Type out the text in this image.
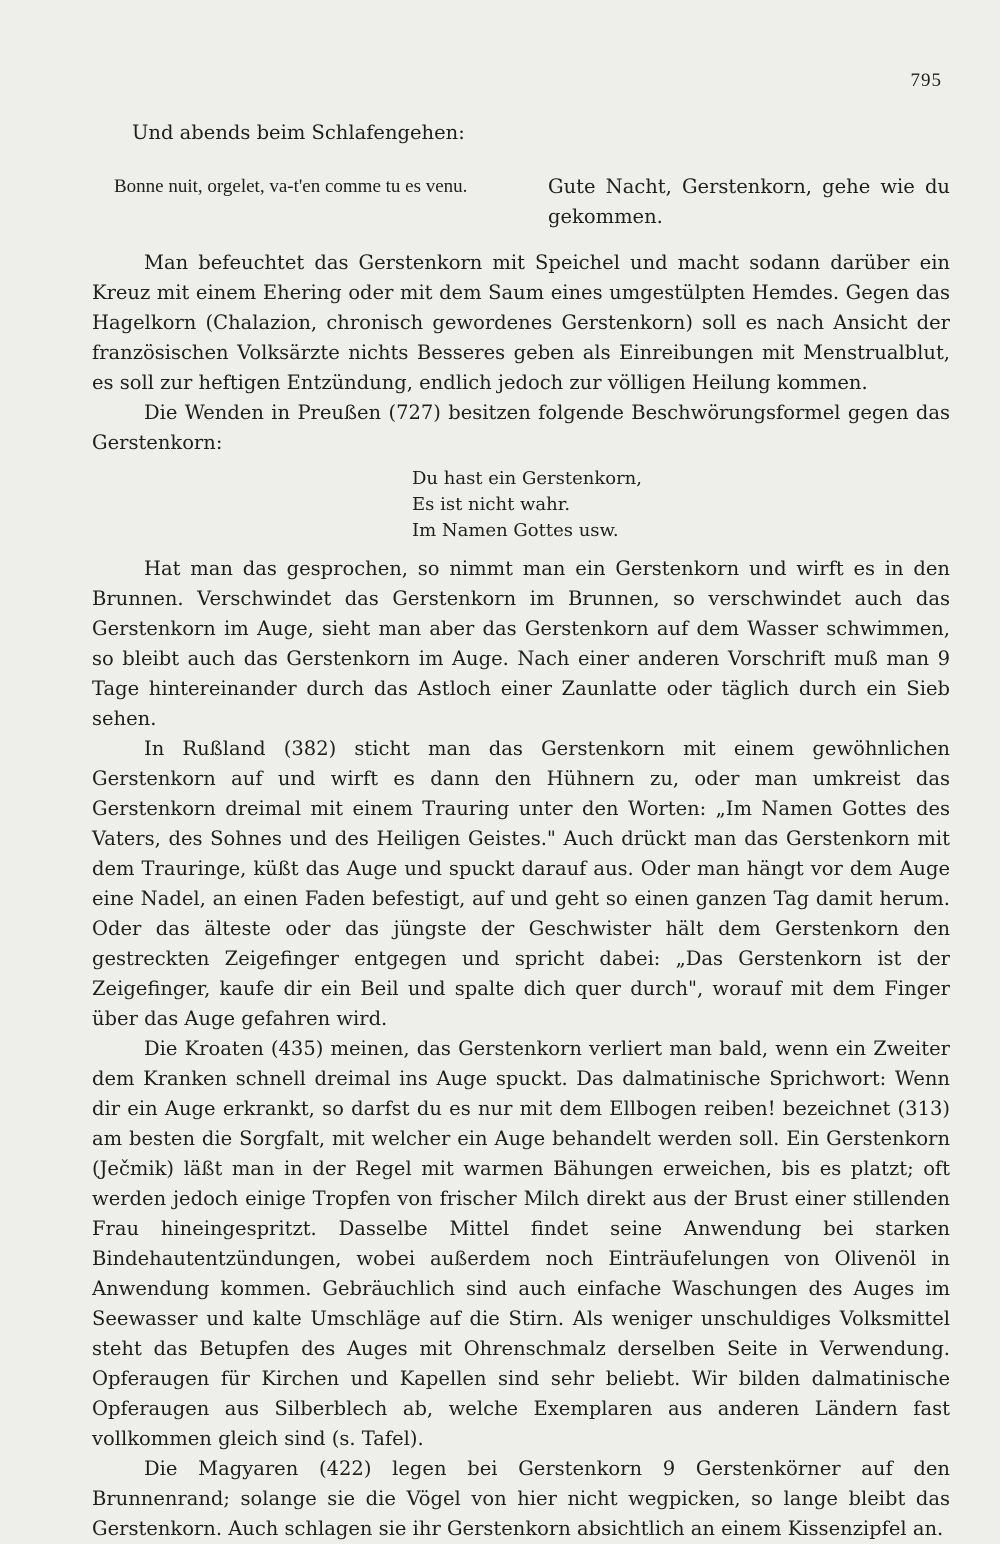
795
Und abends beim Schlafengehen:
Bonne nuit, orgelet, va-t'en comme tu es venu.	Gute Nacht, Gerstenkorn, gehe wie du gekommen.

Man befeuchtet das Gerstenkorn mit Speichel und macht sodann darüber ein Kreuz mit einem Ehering oder mit dem Saum eines umgestülpten Hemdes. Gegen das Hagelkorn (Chalazion, chronisch gewordenes Gerstenkorn) soll es nach Ansicht der französischen Volksärzte nichts Besseres geben als Einreibungen mit Menstrualblut, es soll zur heftigen Entzündung, endlich jedoch zur völligen Heilung kommen.

Die Wenden in Preußen (727) besitzen folgende Beschwörungsformel gegen das Gerstenkorn:

Du hast ein Gerstenkorn,
Es ist nicht wahr.
Im Namen Gottes usw.

Hat man das gesprochen, so nimmt man ein Gerstenkorn und wirft es in den Brunnen. Verschwindet das Gerstenkorn im Brunnen, so verschwindet auch das Gerstenkorn im Auge, sieht man aber das Gerstenkorn auf dem Wasser schwimmen, so bleibt auch das Gerstenkorn im Auge. Nach einer anderen Vorschrift muß man 9 Tage hintereinander durch das Astloch einer Zaunlatte oder täglich durch ein Sieb sehen.

In Rußland (382) sticht man das Gerstenkorn mit einem gewöhnlichen Gerstenkorn auf und wirft es dann den Hühnern zu, oder man umkreist das Gerstenkorn dreimal mit einem Trauring unter den Worten: „Im Namen Gottes des Vaters, des Sohnes und des Heiligen Geistes." Auch drückt man das Gerstenkorn mit dem Trauringe, küßt das Auge und spuckt darauf aus. Oder man hängt vor dem Auge eine Nadel, an einen Faden befestigt, auf und geht so einen ganzen Tag damit herum. Oder das älteste oder das jüngste der Geschwister hält dem Gerstenkorn den gestreckten Zeigefinger entgegen und spricht dabei: „Das Gerstenkorn ist der Zeigefinger, kaufe dir ein Beil und spalte dich quer durch", worauf mit dem Finger über das Auge gefahren wird.

Die Kroaten (435) meinen, das Gerstenkorn verliert man bald, wenn ein Zweiter dem Kranken schnell dreimal ins Auge spuckt. Das dalmatinische Sprichwort: Wenn dir ein Auge erkrankt, so darfst du es nur mit dem Ellbogen reiben! bezeichnet (313) am besten die Sorgfalt, mit welcher ein Auge behandelt werden soll. Ein Gerstenkorn (Ječmik) läßt man in der Regel mit warmen Bähungen erweichen, bis es platzt; oft werden jedoch einige Tropfen von frischer Milch direkt aus der Brust einer stillenden Frau hineingespritzt. Dasselbe Mittel findet seine Anwendung bei starken Bindehautentzündungen, wobei außerdem noch Einträufelungen von Olivenöl in Anwendung kommen. Gebräuchlich sind auch einfache Waschungen des Auges im Seewasser und kalte Umschläge auf die Stirn. Als weniger unschuldiges Volksmittel steht das Betupfen des Auges mit Ohrenschmalz derselben Seite in Verwendung. Opferaugen für Kirchen und Kapellen sind sehr beliebt. Wir bilden dalmatinische Opferaugen aus Silberblech ab, welche Exemplaren aus anderen Ländern fast vollkommen gleich sind (s. Tafel).

Die Magyaren (422) legen bei Gerstenkorn 9 Gerstenkörner auf den Brunnenrand; solange sie die Vögel von hier nicht wegpicken, so lange bleibt das Gerstenkorn. Auch schlagen sie ihr Gerstenkorn absichtlich an einem Kissenzipfel an.
